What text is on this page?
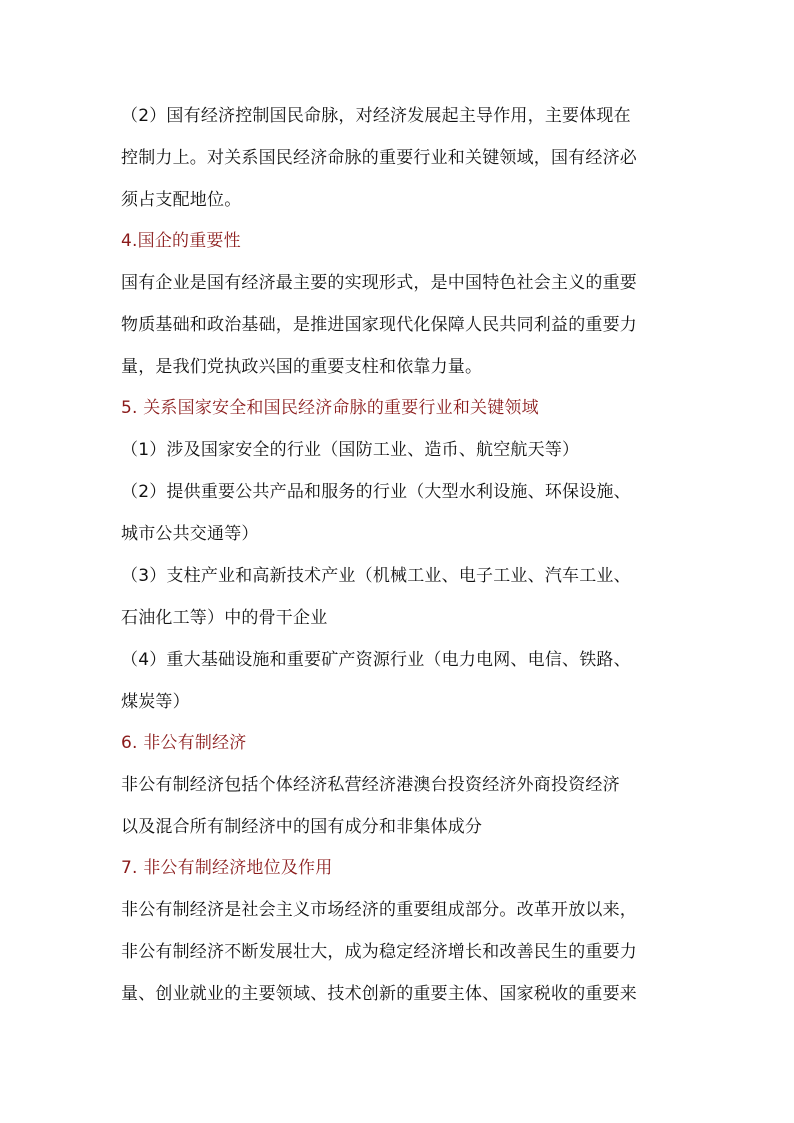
（2）国有经济控制国民命脉，对经济发展起主导作用，主要体现在
控制力上。对关系国民经济命脉的重要行业和关键领域，国有经济必
须占支配地位。
4.国企的重要性
国有企业是国有经济最主要的实现形式，是中国特色社会主义的重要
物质基础和政治基础，是推进国家现代化保障人民共同利益的重要力
量，是我们党执政兴国的重要支柱和依靠力量。
5. 关系国家安全和国民经济命脉的重要行业和关键领域
（1）涉及国家安全的行业（国防工业、造币、航空航天等）
（2）提供重要公共产品和服务的行业（大型水利设施、环保设施、
城市公共交通等）
（3）支柱产业和高新技术产业（机械工业、电子工业、汽车工业、
石油化工等）中的骨干企业
（4）重大基础设施和重要矿产资源行业（电力电网、电信、铁路、
煤炭等）
6. 非公有制经济
非公有制经济包括个体经济私营经济港澳台投资经济外商投资经济
以及混合所有制经济中的国有成分和非集体成分
7. 非公有制经济地位及作用
非公有制经济是社会主义市场经济的重要组成部分。改革开放以来，
非公有制经济不断发展壮大，成为稳定经济增长和改善民生的重要力
量、创业就业的主要领域、技术创新的重要主体、国家税收的重要来
